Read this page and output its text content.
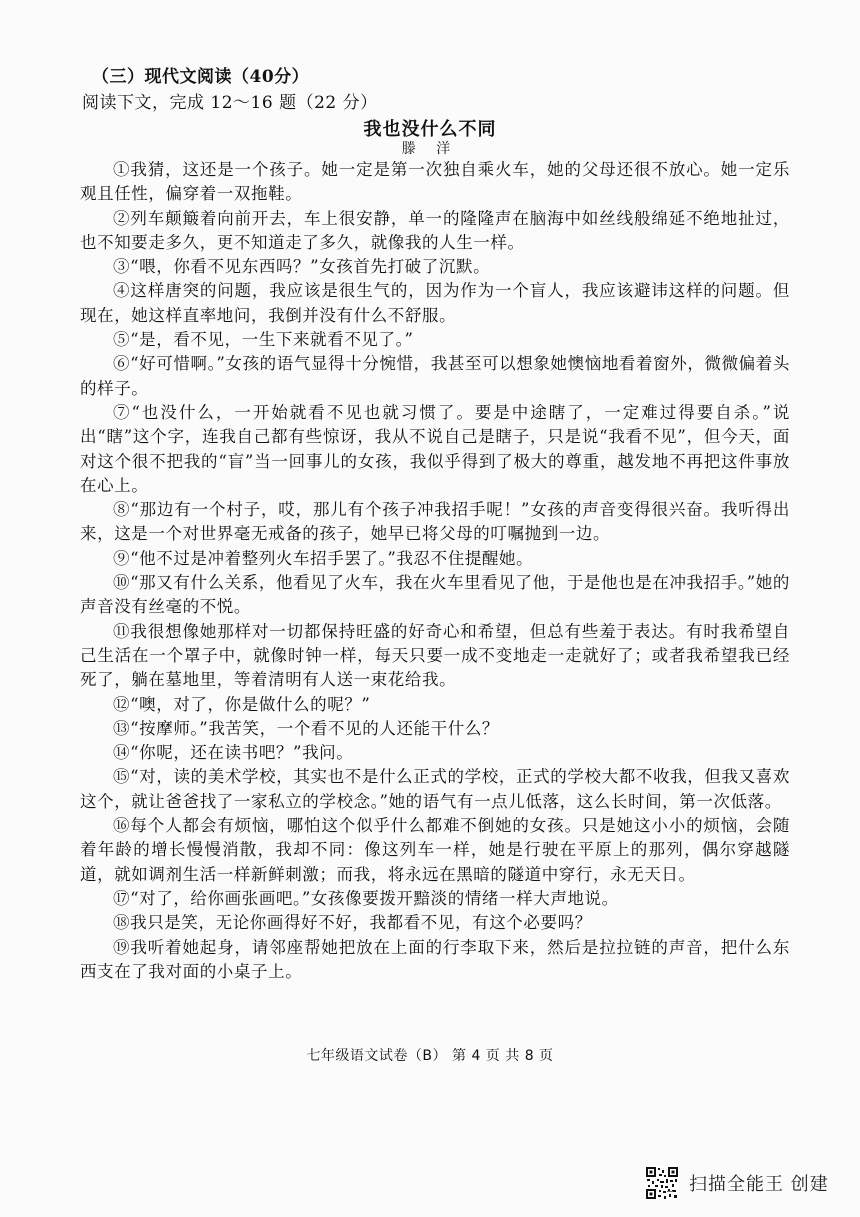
（三）现代文阅读（40分）
阅读下文，完成 12～16 题（22 分）
我也没什么不同
滕 洋

①我猜，这还是一个孩子。她一定是第一次独自乘火车，她的父母还很不放心。她一定乐观且任性，偏穿着一双拖鞋。

②列车颠簸着向前开去，车上很安静，单一的隆隆声在脑海中如丝线般绵延不绝地扯过，也不知要走多久，更不知道走了多久，就像我的人生一样。

③“喂，你看不见东西吗？”女孩首先打破了沉默。

④这样唐突的问题，我应该是很生气的，因为作为一个盲人，我应该避讳这样的问题。但现在，她这样直率地问，我倒并没有什么不舒服。

⑤“是，看不见，一生下来就看不见了。”

⑥“好可惜啊。”女孩的语气显得十分惋惜，我甚至可以想象她懊恼地看着窗外，微微偏着头的样子。

⑦“也没什么，一开始就看不见也就习惯了。要是中途瞎了，一定难过得要自杀。”说出“瞎”这个字，连我自己都有些惊讶，我从不说自己是瞎子，只是说“我看不见”，但今天，面对这个很不把我的“盲”当一回事儿的女孩，我似乎得到了极大的尊重，越发地不再把这件事放在心上。

⑧“那边有一个村子，哎，那儿有个孩子冲我招手呢！”女孩的声音变得很兴奋。我听得出来，这是一个对世界毫无戒备的孩子，她早已将父母的叮嘱抛到一边。

⑨“他不过是冲着整列火车招手罢了。”我忍不住提醒她。

⑩“那又有什么关系，他看见了火车，我在火车里看见了他，于是他也是在冲我招手。”她的声音没有丝毫的不悦。

⑪我很想像她那样对一切都保持旺盛的好奇心和希望，但总有些羞于表达。有时我希望自己生活在一个罩子中，就像时钟一样，每天只要一成不变地走一走就好了；或者我希望我已经死了，躺在墓地里，等着清明有人送一束花给我。

⑫“噢，对了，你是做什么的呢？”

⑬“按摩师。”我苦笑，一个看不见的人还能干什么？

⑭“你呢，还在读书吧？”我问。

⑮“对，读的美术学校，其实也不是什么正式的学校，正式的学校大都不收我，但我又喜欢这个，就让爸爸找了一家私立的学校念。”她的语气有一点儿低落，这么长时间，第一次低落。

⑯每个人都会有烦恼，哪怕这个似乎什么都难不倒她的女孩。只是她这小小的烦恼，会随着年龄的增长慢慢消散，我却不同：像这列车一样，她是行驶在平原上的那列，偶尔穿越隧道，就如调剂生活一样新鲜刺激；而我，将永远在黑暗的隧道中穿行，永无天日。

⑰“对了，给你画张画吧。”女孩像要拨开黯淡的情绪一样大声地说。

⑱我只是笑，无论你画得好不好，我都看不见，有这个必要吗？

⑲我听着她起身，请邻座帮她把放在上面的行李取下来，然后是拉拉链的声音，把什么东西支在了我对面的小桌子上。

七年级语文试卷（B） 第 4 页 共 8 页
扫描全能王 创建
